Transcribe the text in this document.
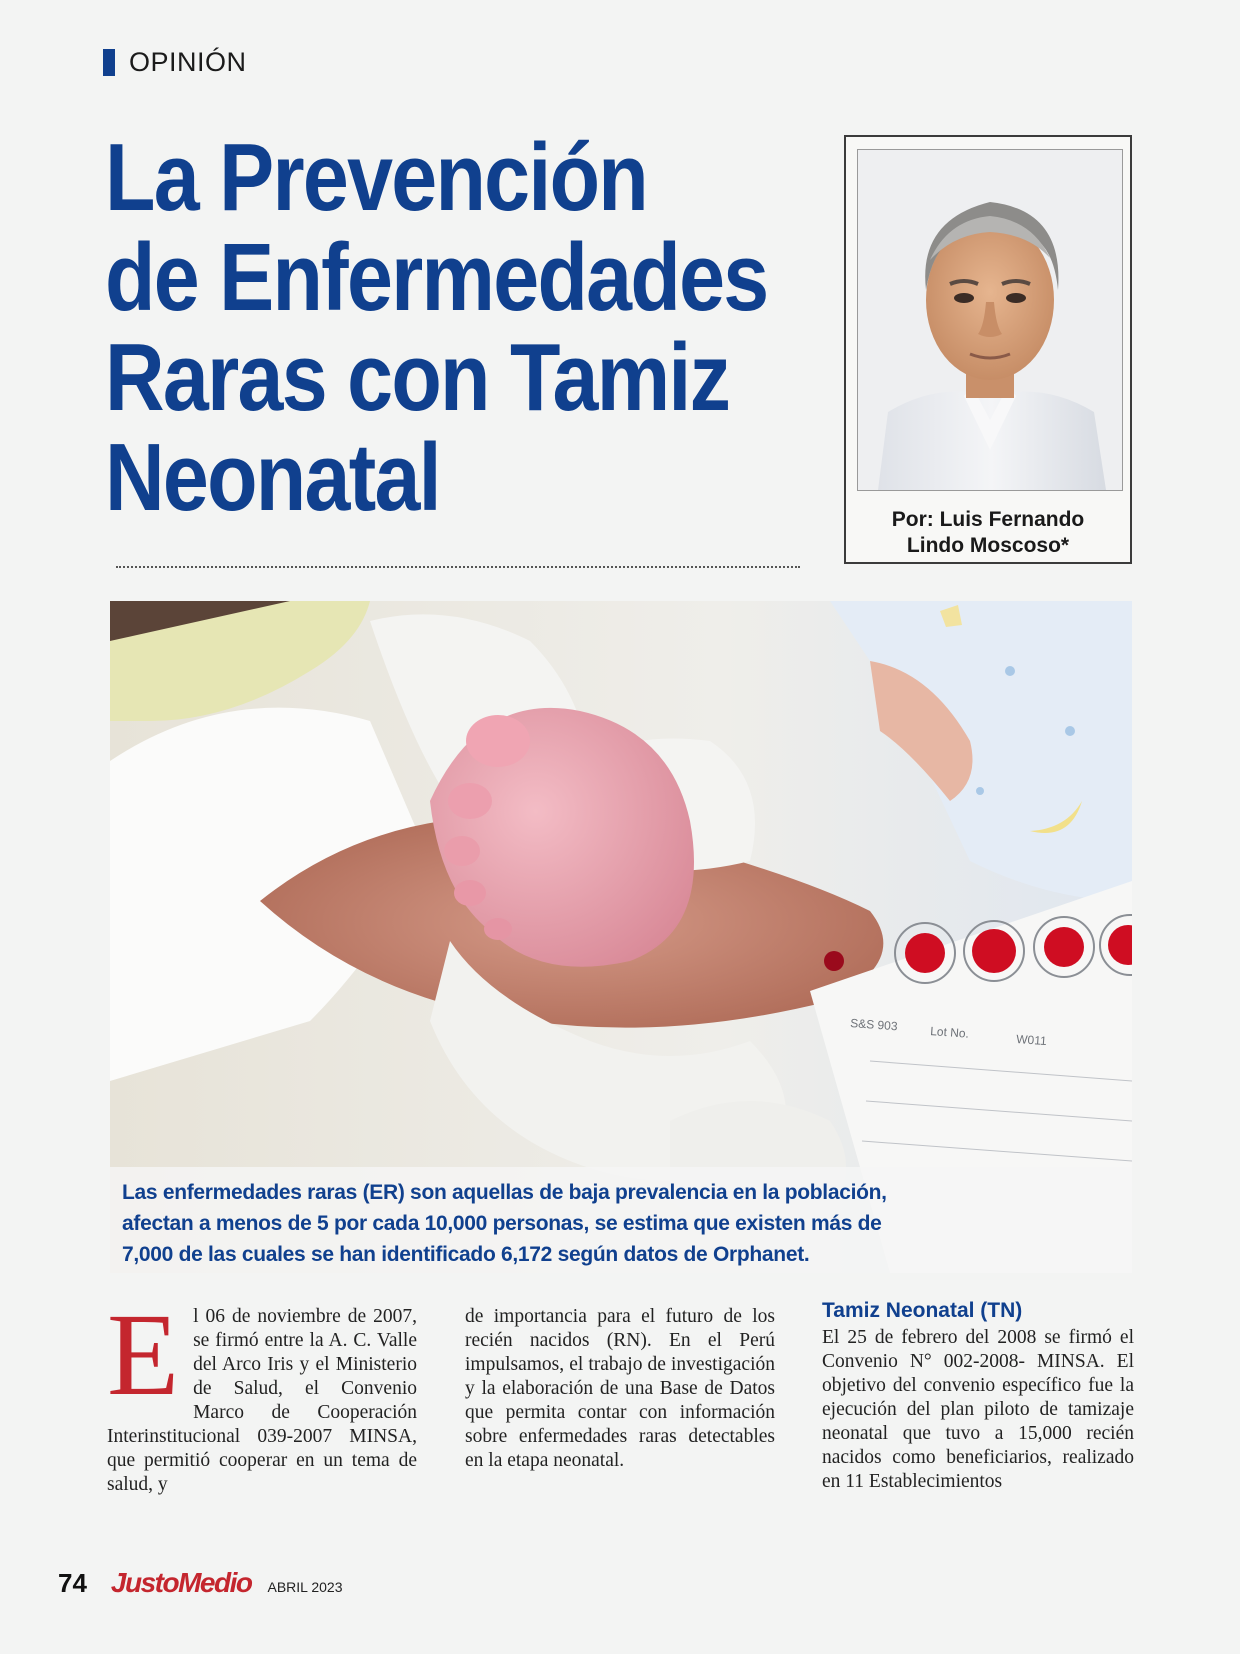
OPINIÓN
La Prevención
de Enfermedades
Raras con Tamiz
Neonatal	Por: Luis Fernando
Lindo Moscoso*
S&S 903	Lot No.	W011

Las enfermedades raras (ER) son aquellas de baja prevalencia en la población,

afectan a menos de 5 por cada 10,000 personas, se estima que existen más de

7,000 de las cuales se han identificado 6,172 según datos de Orphanet.

E l 06 de noviembre de 2007, se firmó entre la A. C. Valle del Arco Iris y el Ministerio de Salud, el Convenio Marco de Cooperación Interinstitucional 039-2007 MINSA, que permitió cooperar en un tema de salud, y

de importancia para el futuro de los recién nacidos (RN). En el Perú impulsamos, el trabajo de investigación y la elaboración de una Base de Datos que permita contar con información sobre enfermedades raras detectables en la etapa neonatal.

Tamiz Neonatal (TN)

El 25 de febrero del 2008 se firmó el Convenio N° 002-2008- MINSA. El objetivo del convenio específico fue la ejecución del plan piloto de tamizaje neonatal que tuvo a 15,000 recién nacidos como beneficiarios, realizado en 11 Establecimientos

74 JustoMedio ABRIL 2023
